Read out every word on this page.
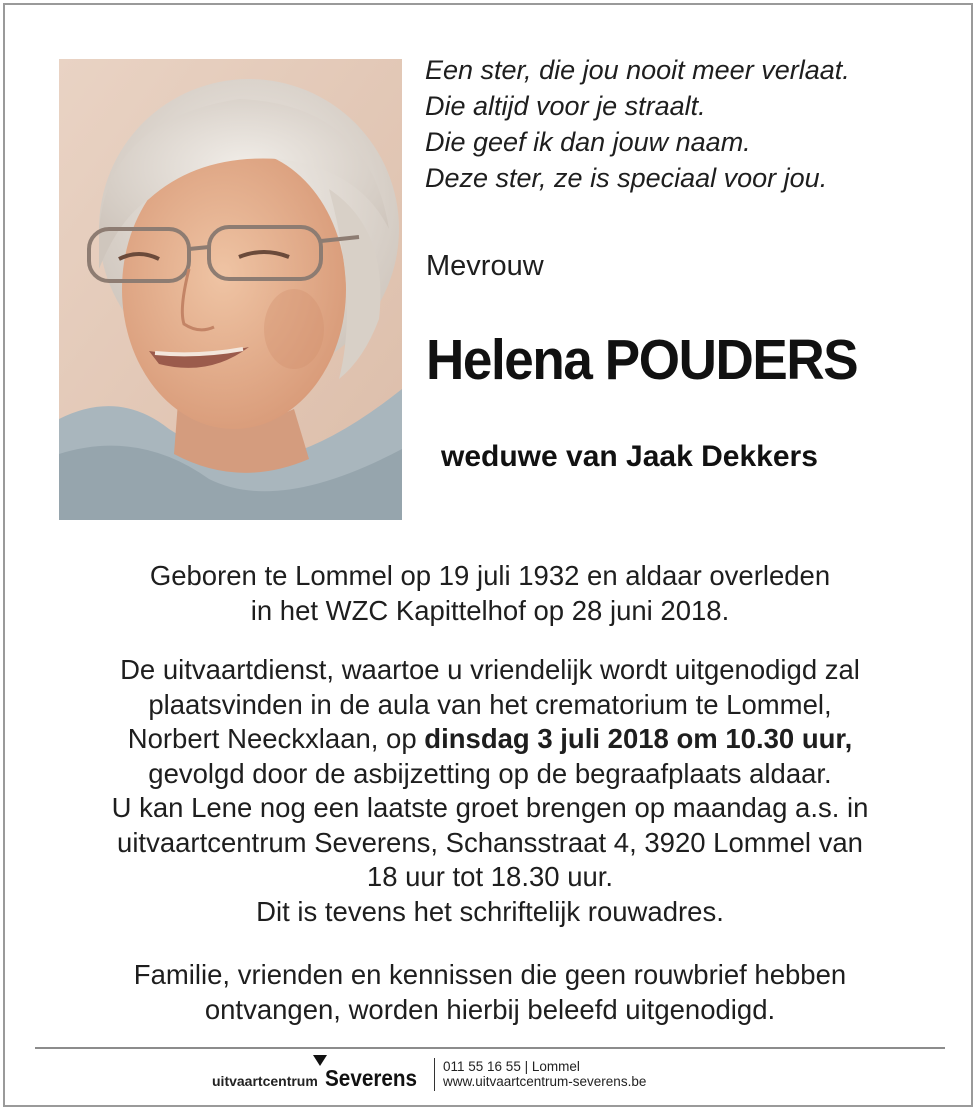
Een ster, die jou nooit meer verlaat.
Die altijd voor je straalt.
Die geef ik dan jouw naam.
Deze ster, ze is speciaal voor jou.
Mevrouw
Helena POUDERS
weduwe van Jaak Dekkers
Geboren te Lommel op 19 juli 1932 en aldaar overleden
in het WZC Kapittelhof op 28 juni 2018.
De uitvaartdienst, waartoe u vriendelijk wordt uitgenodigd zal
plaatsvinden in de aula van het crematorium te Lommel,
Norbert Neeckxlaan, op dinsdag 3 juli 2018 om 10.30 uur,
gevolgd door de asbijzetting op de begraafplaats aldaar.
U kan Lene nog een laatste groet brengen op maandag a.s. in
uitvaartcentrum Severens, Schansstraat 4, 3920 Lommel van
18 uur tot 18.30 uur.
Dit is tevens het schriftelijk rouwadres.
Familie, vrienden en kennissen die geen rouwbrief hebben
ontvangen, worden hierbij beleefd uitgenodigd.
uitvaartcentrum Severens 011 55 16 55 | Lommel
www.uitvaartcentrum-severens.be
